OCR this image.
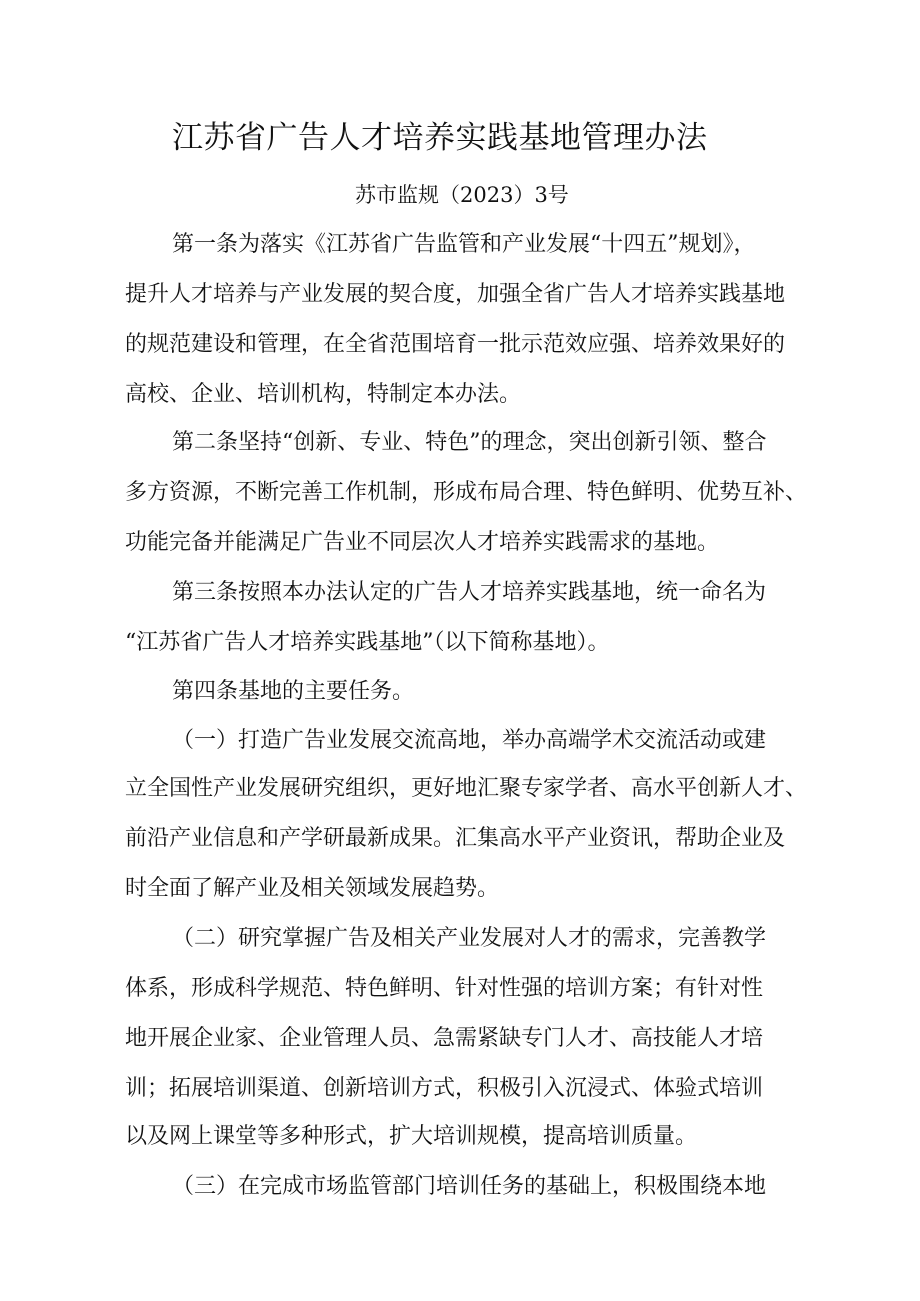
江苏省广告人才培养实践基地管理办法
苏市监规（2023）3号
第一条为落实《江苏省广告监管和产业发展“十四五”规划》，
提升人才培养与产业发展的契合度，加强全省广告人才培养实践基地
的规范建设和管理，在全省范围培育一批示范效应强、培养效果好的
高校、企业、培训机构，特制定本办法。
第二条坚持“创新、专业、特色”的理念，突出创新引领、整合
多方资源，不断完善工作机制，形成布局合理、特色鲜明、优势互补、
功能完备并能满足广告业不同层次人才培养实践需求的基地。
第三条按照本办法认定的广告人才培养实践基地，统一命名为
“江苏省广告人才培养实践基地”（以下简称基地）。
第四条基地的主要任务。
（一）打造广告业发展交流高地，举办高端学术交流活动或建
立全国性产业发展研究组织，更好地汇聚专家学者、高水平创新人才、
前沿产业信息和产学研最新成果。汇集高水平产业资讯，帮助企业及
时全面了解产业及相关领域发展趋势。
（二）研究掌握广告及相关产业发展对人才的需求，完善教学
体系，形成科学规范、特色鲜明、针对性强的培训方案；有针对性
地开展企业家、企业管理人员、急需紧缺专门人才、高技能人才培
训；拓展培训渠道、创新培训方式，积极引入沉浸式、体验式培训
以及网上课堂等多种形式，扩大培训规模，提高培训质量。
（三）在完成市场监管部门培训任务的基础上，积极围绕本地
